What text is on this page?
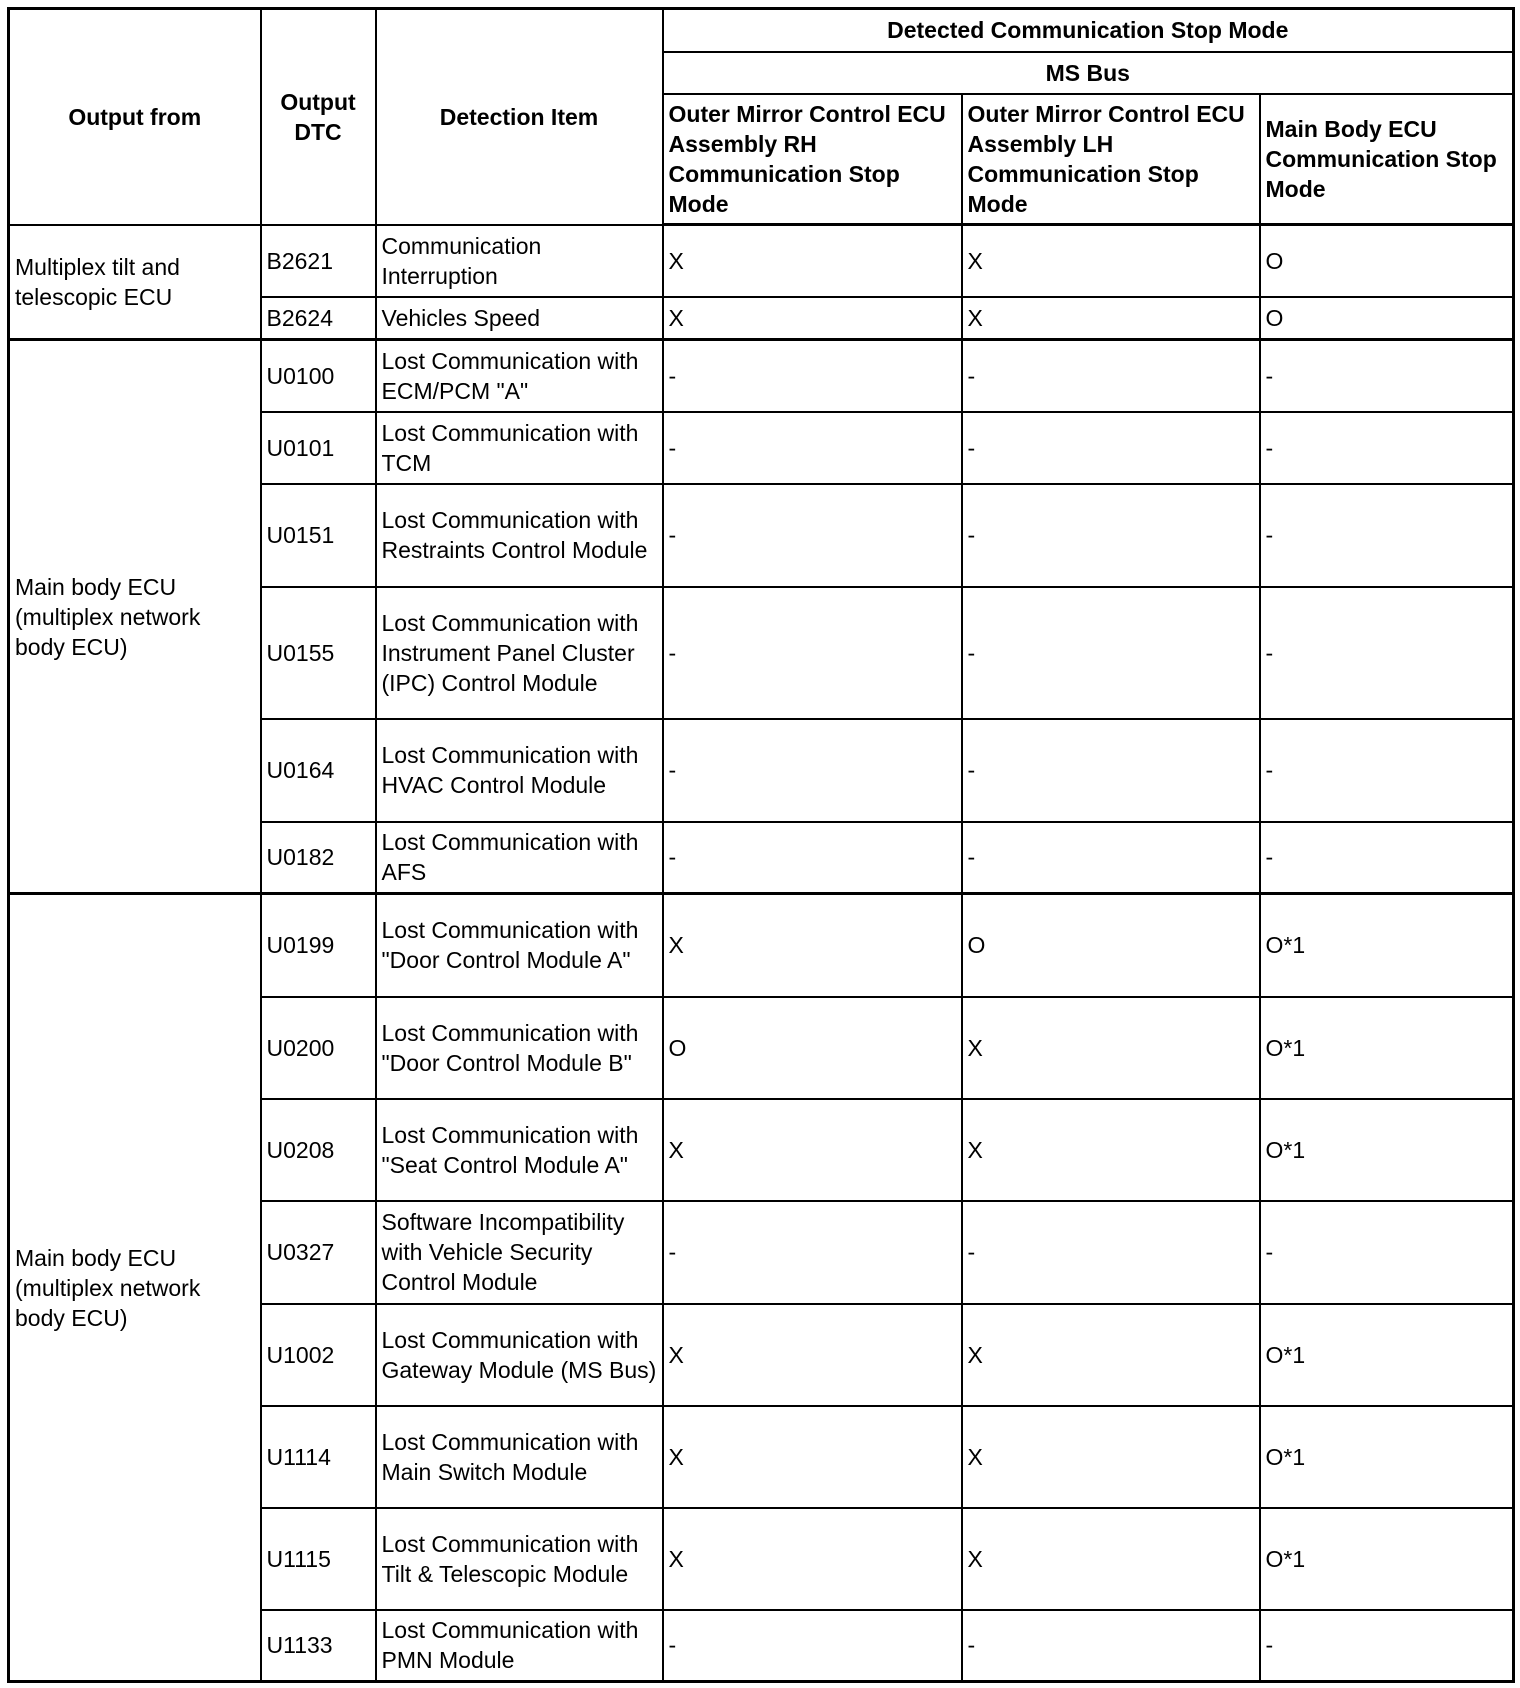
Output from	Output DTC	Detection Item	Detected Communication Stop Mode		
			MS Bus		
			Outer Mirror Control ECU Assembly RH Communication Stop Mode	Outer Mirror Control ECU Assembly LH Communication Stop Mode	Main Body ECU Communication Stop Mode
Multiplex tilt and telescopic ECU	B2621	Communication Interruption	X	X	O
	B2624	Vehicles Speed	X	X	O
Main body ECU (multiplex network body ECU)	U0100	Lost Communication with ECM/PCM "A"	-	-	-
	U0101	Lost Communication with TCM	-	-	-
	U0151	Lost Communication with Restraints Control Module	-	-	-
	U0155	Lost Communication with Instrument Panel Cluster (IPC) Control Module	-	-	-
	U0164	Lost Communication with HVAC Control Module	-	-	-
	U0182	Lost Communication with AFS	-	-	-
Main body ECU (multiplex network body ECU)	U0199	Lost Communication with "Door Control Module A"	X	O	O*1
	U0200	Lost Communication with "Door Control Module B"	O	X	O*1
	U0208	Lost Communication with "Seat Control Module A"	X	X	O*1
	U0327	Software Incompatibility with Vehicle Security Control Module	-	-	-
	U1002	Lost Communication with Gateway Module (MS Bus)	X	X	O*1
	U1114	Lost Communication with Main Switch Module	X	X	O*1
	U1115	Lost Communication with Tilt & Telescopic Module	X	X	O*1
	U1133	Lost Communication with PMN Module	-	-	-
